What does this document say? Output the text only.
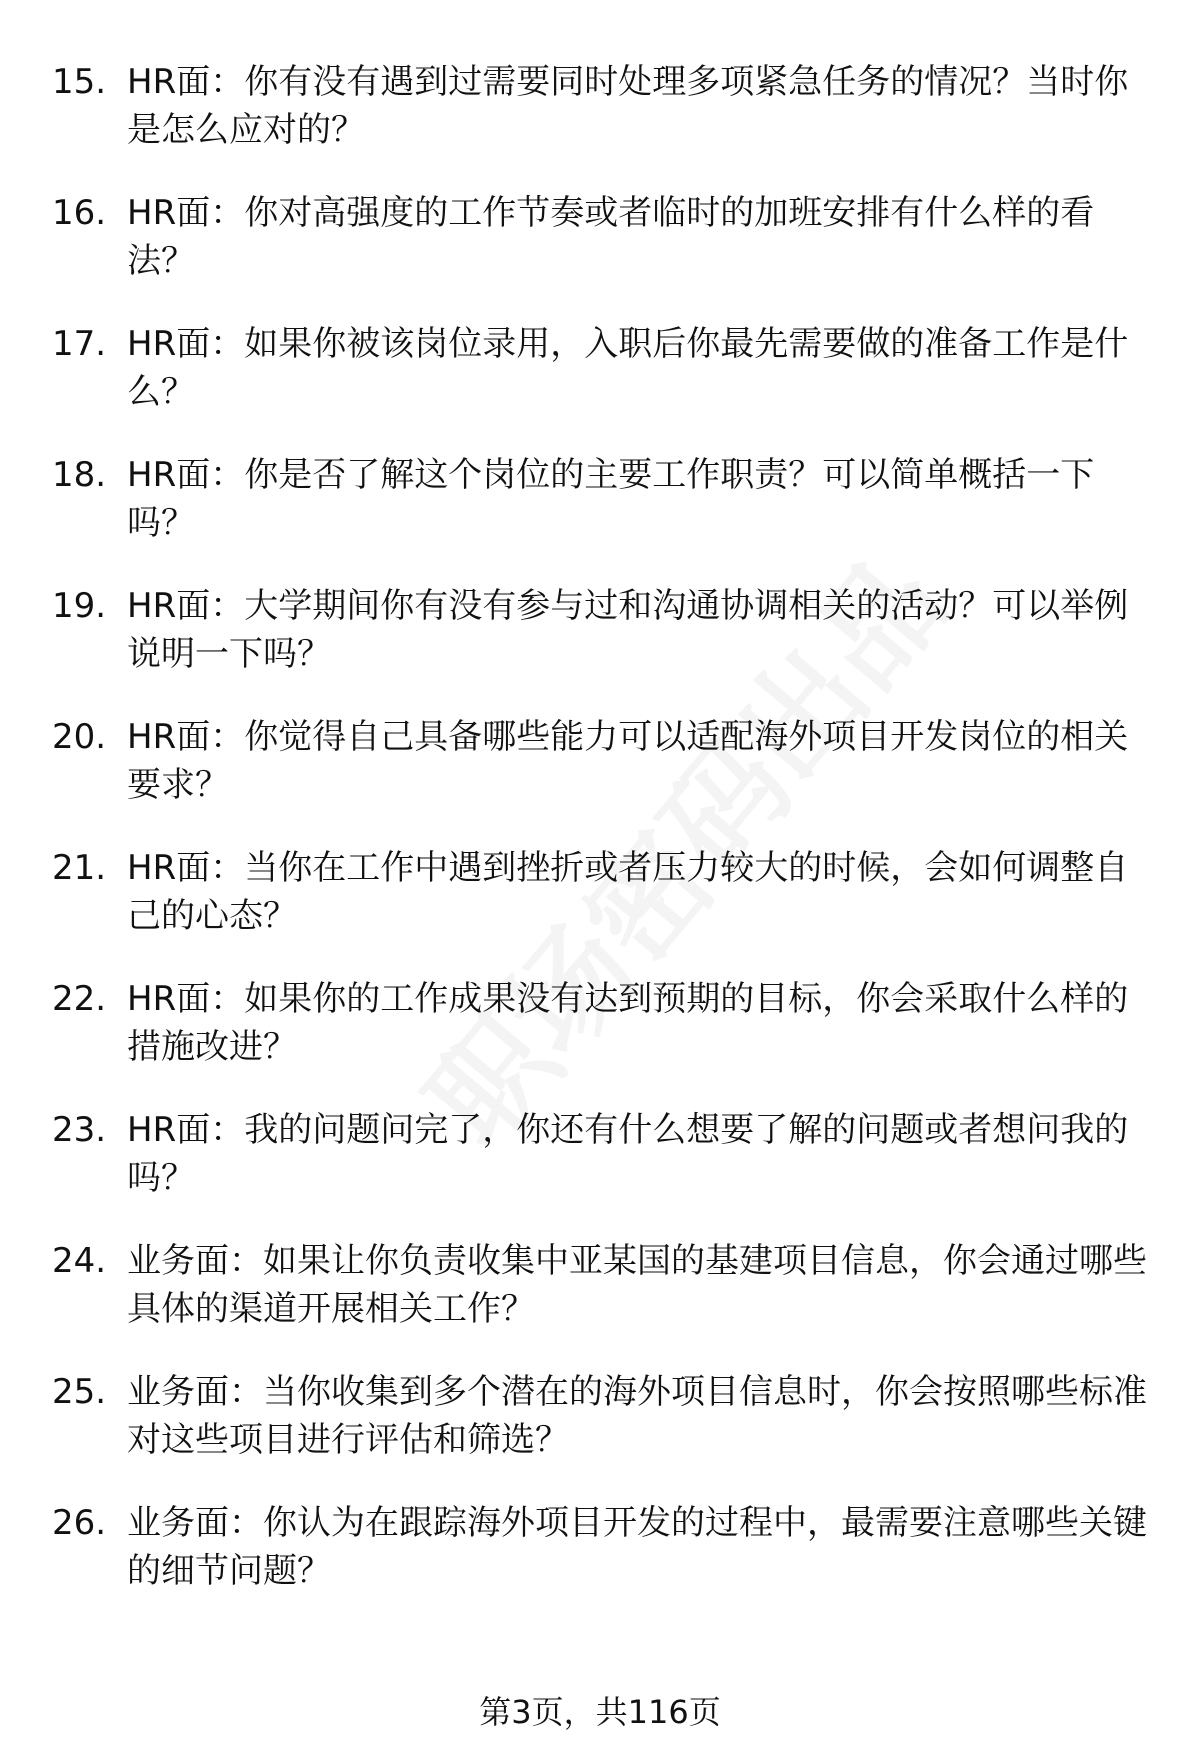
15. HR面：你有没有遇到过需要同时处理多项紧急任务的情况？当时你是怎么应对的？
16. HR面：你对高强度的工作节奏或者临时的加班安排有什么样的看法？
17. HR面：如果你被该岗位录用，入职后你最先需要做的准备工作是什么？
18. HR面：你是否了解这个岗位的主要工作职责？可以简单概括一下吗？
19. HR面：大学期间你有没有参与过和沟通协调相关的活动？可以举例说明一下吗？
20. HR面：你觉得自己具备哪些能力可以适配海外项目开发岗位的相关要求？
21. HR面：当你在工作中遇到挫折或者压力较大的时候，会如何调整自己的心态？
22. HR面：如果你的工作成果没有达到预期的目标，你会采取什么样的措施改进？
23. HR面：我的问题问完了，你还有什么想要了解的问题或者想问我的吗？
24. 业务面：如果让你负责收集中亚某国的基建项目信息，你会通过哪些具体的渠道开展相关工作？
25. 业务面：当你收集到多个潜在的海外项目信息时，你会按照哪些标准对这些项目进行评估和筛选？
26. 业务面：你认为在跟踪海外项目开发的过程中，最需要注意哪些关键的细节问题？
第3页，共116页
